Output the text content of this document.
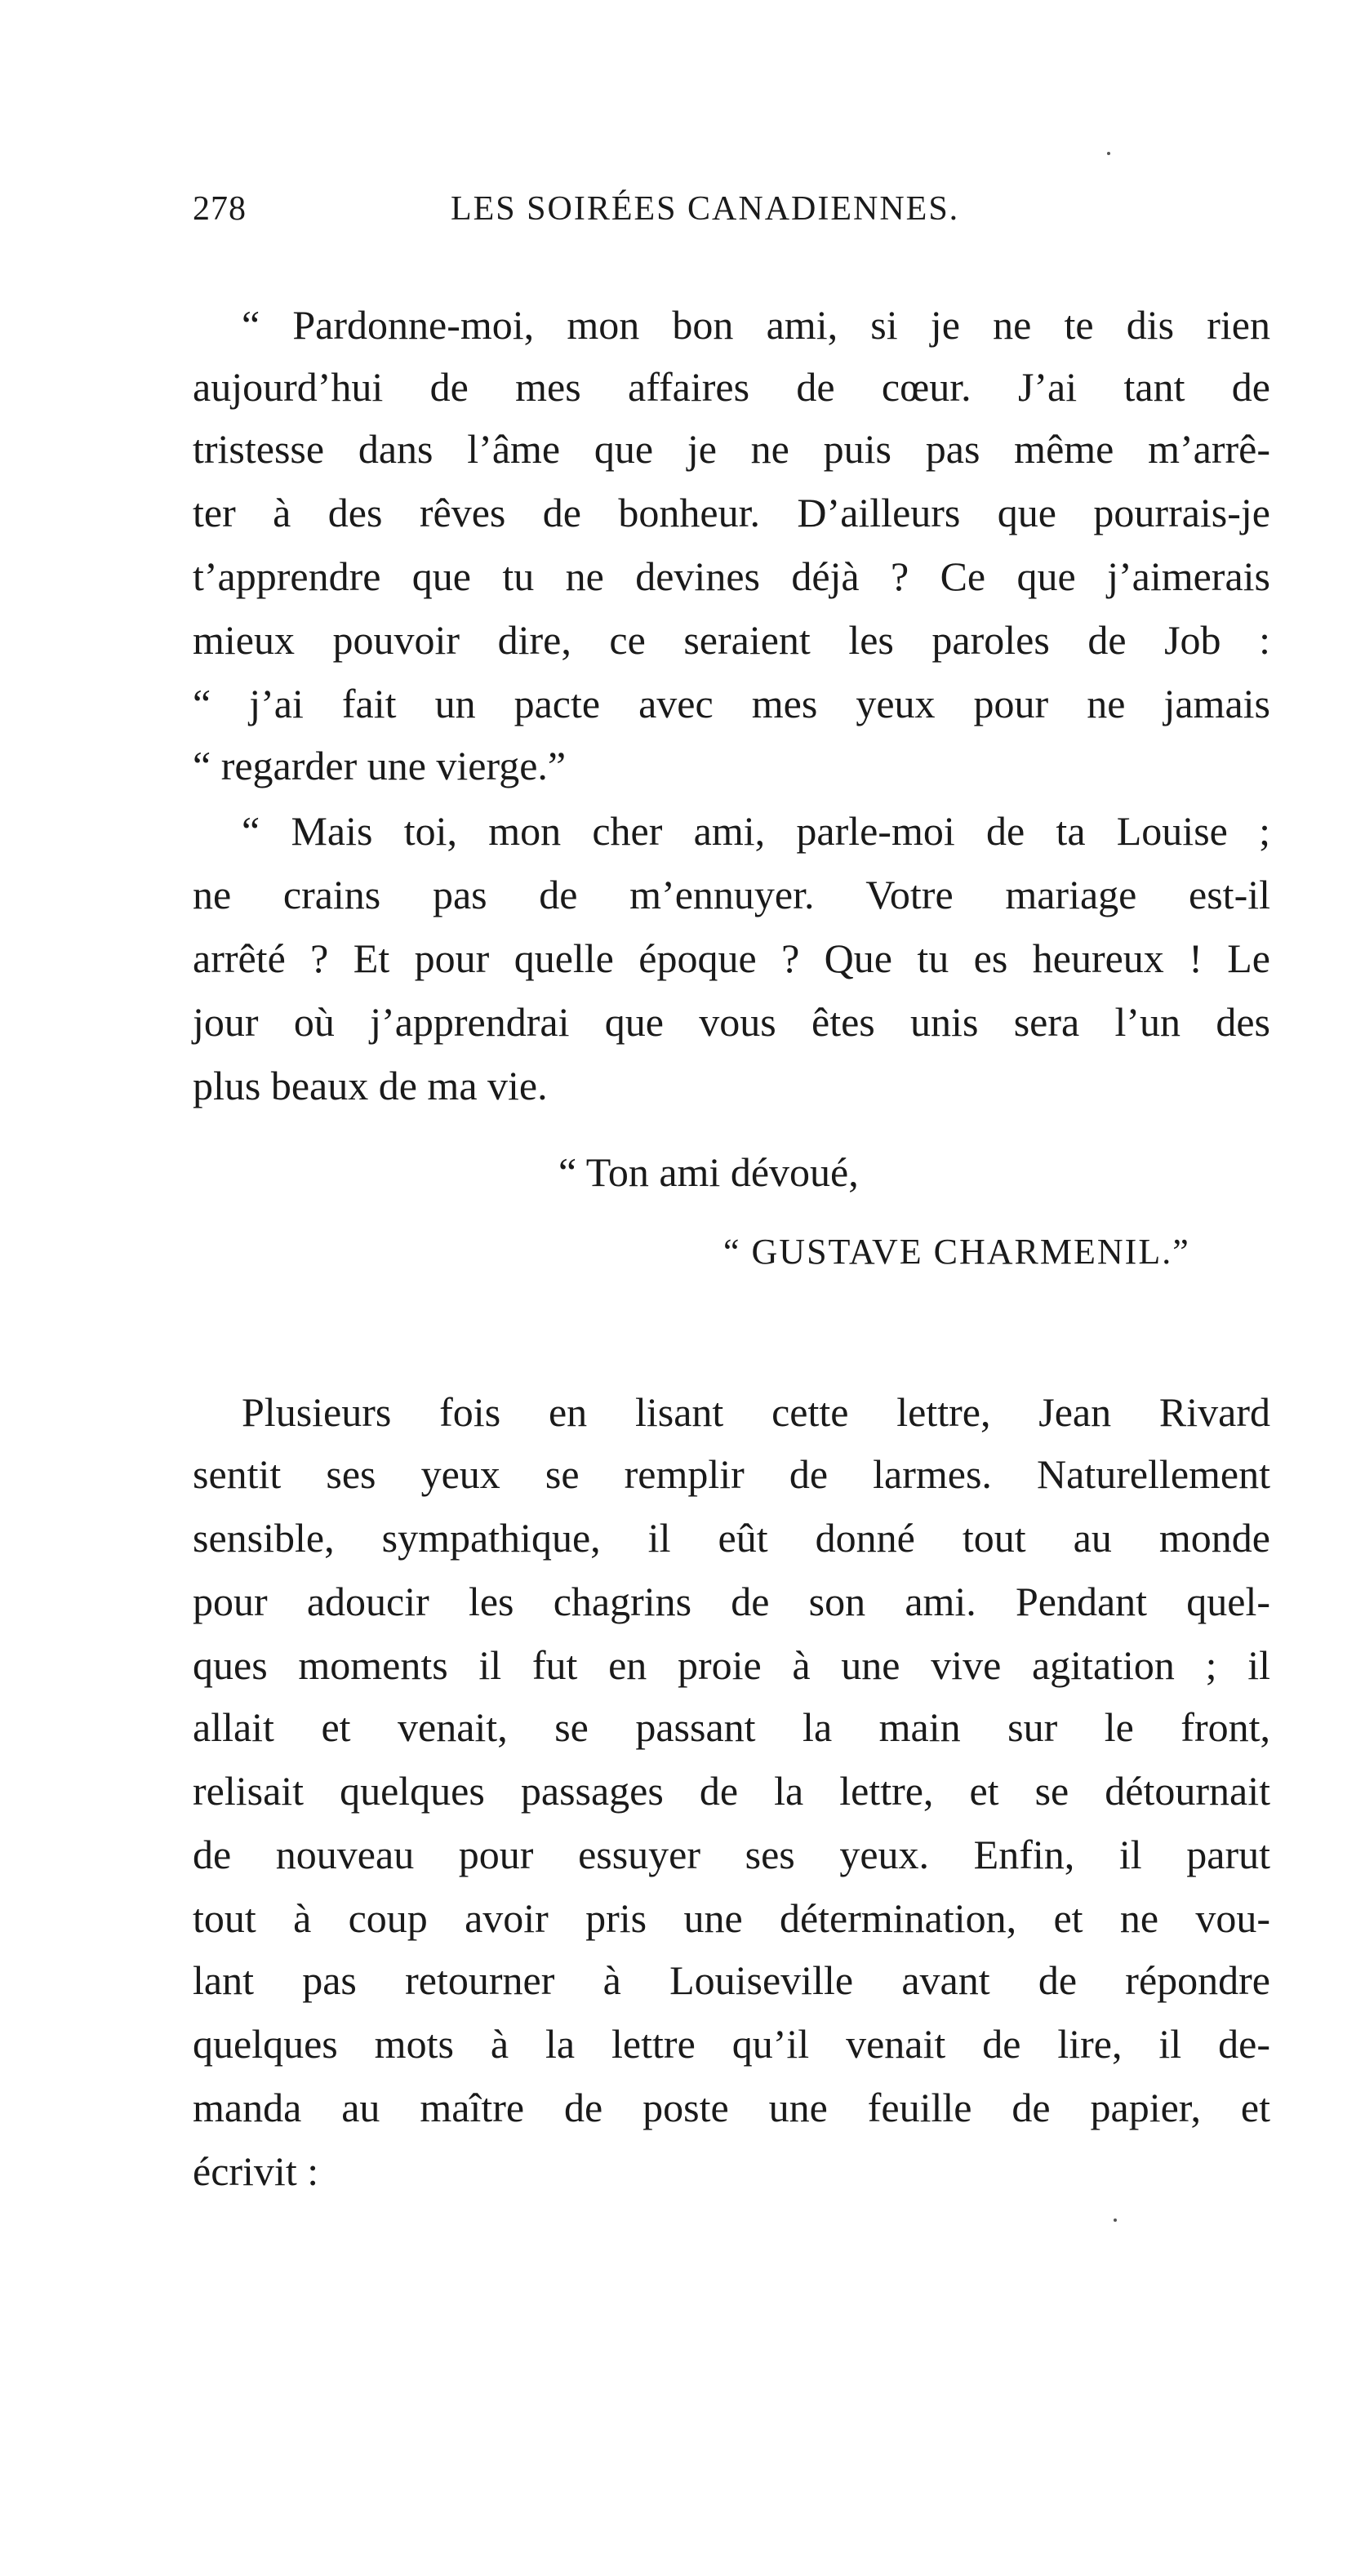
278	LES SOIRÉES CANADIENNES.
“ Pardonne-moi, mon bon ami, si je ne te dis rien
aujourd’hui de mes affaires de cœur. J’ai tant de
tristesse dans l’âme que je ne puis pas même m’arrê-
ter à des rêves de bonheur. D’ailleurs que pourrais-je
t’apprendre que tu ne devines déjà ? Ce que j’aimerais
mieux pouvoir dire, ce seraient les paroles de Job :
“ j’ai fait un pacte avec mes yeux pour ne jamais
“ regarder une vierge.”
“ Mais toi, mon cher ami, parle-moi de ta Louise ;
ne crains pas de m’ennuyer. Votre mariage est-il
arrêté ? Et pour quelle époque ? Que tu es heureux ! Le
jour où j’apprendrai que vous êtes unis sera l’un des
plus beaux de ma vie.
“ Ton ami dévoué,
“ GUSTAVE CHARMENIL.”
Plusieurs fois en lisant cette lettre, Jean Rivard
sentit ses yeux se remplir de larmes. Naturellement
sensible, sympathique, il eût donné tout au monde
pour adoucir les chagrins de son ami. Pendant quel-
ques moments il fut en proie à une vive agitation ; il
allait et venait, se passant la main sur le front,
relisait quelques passages de la lettre, et se détournait
de nouveau pour essuyer ses yeux. Enfin, il parut
tout à coup avoir pris une détermination, et ne vou-
lant pas retourner à Louiseville avant de répondre
quelques mots à la lettre qu’il venait de lire, il de-
manda au maître de poste une feuille de papier, et
écrivit :
